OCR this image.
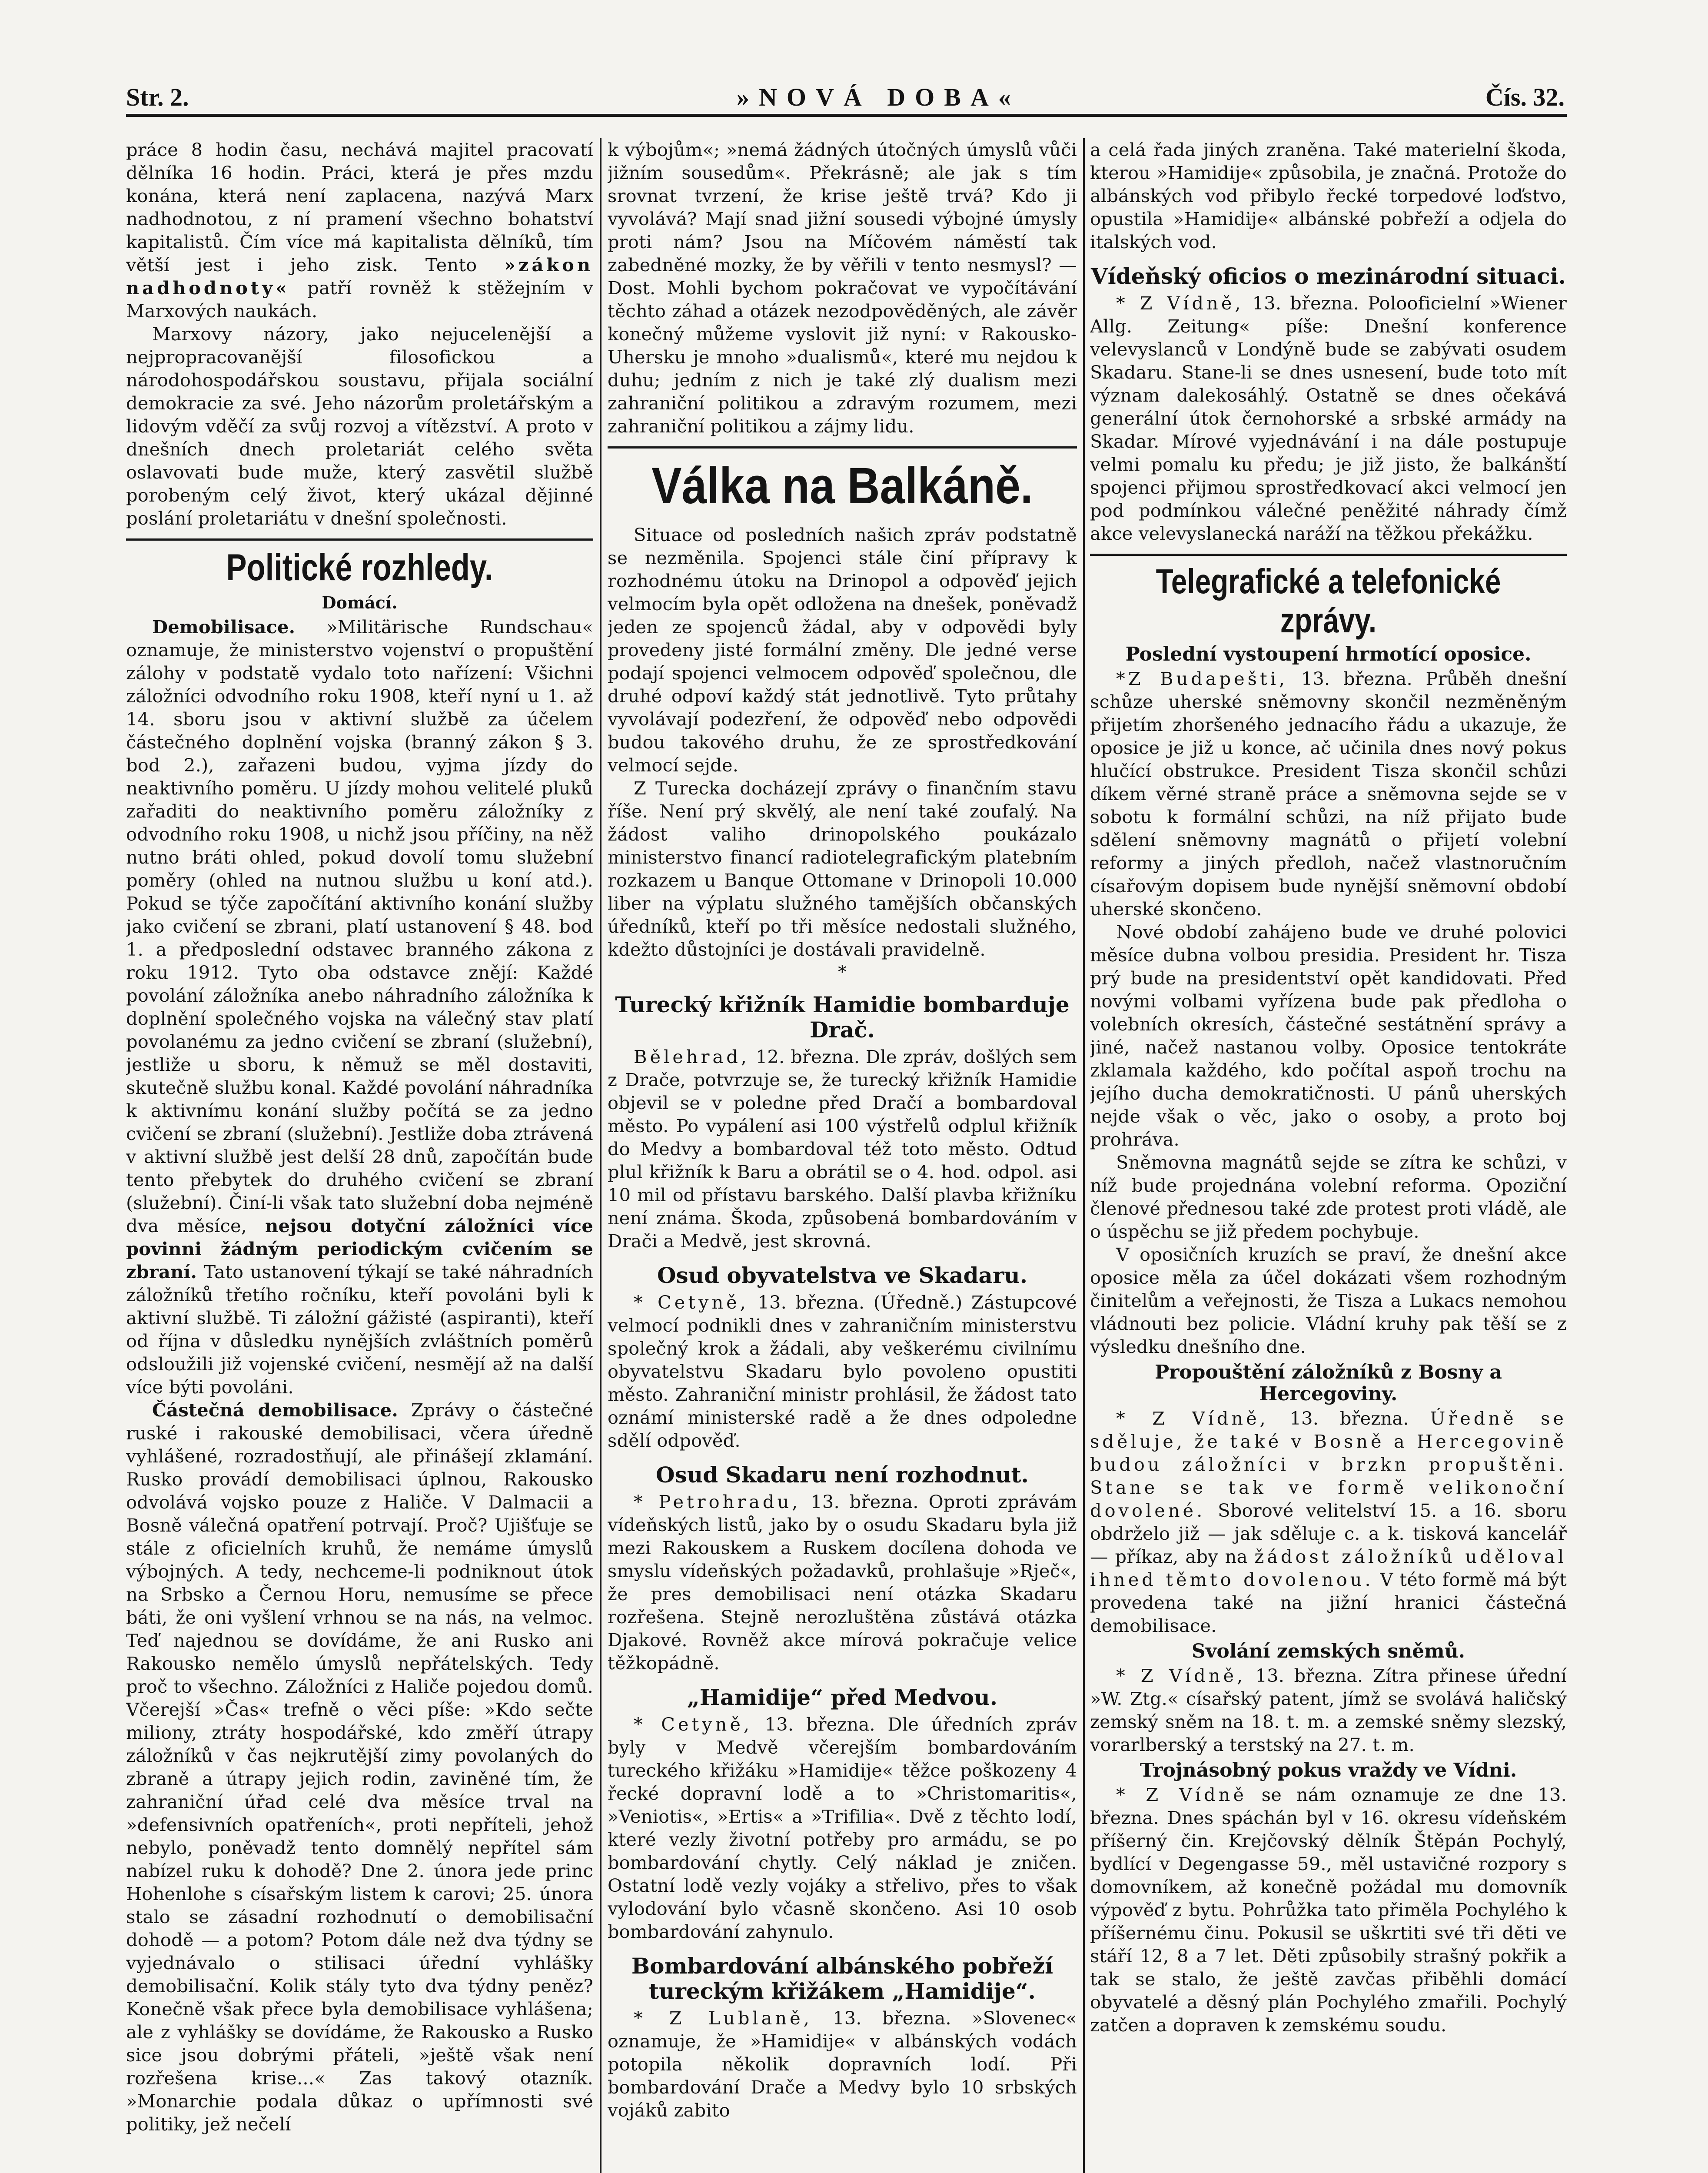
Str. 2.	»NOVÁ DOBA«	Čís. 32.

práce 8 hodin času, nechává majitel pracovatí dělníka 16 hodin. Práci, která je přes mzdu konána, která není zaplacena, nazývá Marx nadhodnotou, z ní pramení všechno bohatství kapitalistů. Čím více má kapitalista dělníků, tím větší jest i jeho zisk. Tento »zákon nadhodnoty« patří rovněž k stěžejním v Marxových naukách.

Marxovy názory, jako nejucelenější a nejpropracovanější filosofickou a národohospodářskou soustavu, přijala sociální demokracie za své. Jeho názorům proletářským a lidovým vděčí za svůj rozvoj a vítězství. A proto v dnešních dnech proletariát celého světa oslavovati bude muže, který zasvětil službě porobeným celý život, který ukázal dějinné poslání proletariátu v dnešní společnosti.

Politické rozhledy.
Domácí.

Demobilisace. »Militärische Rundschau« oznamuje, že ministerstvo vojenství o propuštění zálohy v podstatě vydalo toto nařízení: Všichni záložníci odvodního roku 1908, kteří nyní u 1. až 14. sboru jsou v aktivní službě za účelem částečného doplnění vojska (branný zákon § 3. bod 2.), zařazeni budou, vyjma jízdy do neaktivního poměru. U jízdy mohou velitelé pluků zařaditi do neaktivního poměru záložníky z odvodního roku 1908, u nichž jsou příčiny, na něž nutno bráti ohled, pokud dovolí tomu služební poměry (ohled na nutnou službu u koní atd.). Pokud se týče započítání aktivního konání služby jako cvičení se zbrani, platí ustanovení § 48. bod 1. a předposlední odstavec branného zákona z roku 1912. Tyto oba odstavce znějí: Každé povolání záložníka anebo náhradního záložníka k doplnění společného vojska na válečný stav platí povolanému za jedno cvičení se zbraní (služební), jestliže u sboru, k němuž se měl dostaviti, skutečně službu konal. Každé povolání náhradníka k aktivnímu konání služby počítá se za jedno cvičení se zbraní (služební). Jestliže doba ztrávená v aktivní službě jest delší 28 dnů, započítán bude tento přebytek do druhého cvičení se zbraní (služební). Činí-li však tato služební doba nejméně dva měsíce, nejsou dotyční záložníci více povinni žádným periodickým cvičením se zbraní. Tato ustanovení týkají se také náhradních záložníků třetího ročníku, kteří povoláni byli k aktivní službě. Ti záložní gážisté (aspiranti), kteří od října v důsledku nynějších zvláštních poměrů odsloužili již vojenské cvičení, nesmějí až na další více býti povoláni.

Částečná demobilisace. Zprávy o částečné ruské i rakouské demobilisaci, včera úředně vyhlášené, rozradostňují, ale přinášejí zklamání. Rusko provádí demobilisaci úplnou, Rakousko odvolává vojsko pouze z Haliče. V Dalmacii a Bosně válečná opatření potrvají. Proč? Ujišťuje se stále z oficielních kruhů, že nemáme úmyslů výbojných. A tedy, nechceme-li podniknout útok na Srbsko a Černou Horu, nemusíme se přece báti, že oni vyšlení vrhnou se na nás, na velmoc. Teď najednou se dovídáme, že ani Rusko ani Rakousko nemělo úmyslů nepřátelských. Tedy proč to všechno. Záložníci z Haliče pojedou domů. Včerejší »Čas« trefně o věci píše: »Kdo sečte miliony, ztráty hospodářské, kdo změří útrapy záložníků v čas nejkrutější zimy povolaných do zbraně a útrapy jejich rodin, zaviněné tím, že zahraniční úřad celé dva měsíce trval na »defensivních opatřeních«, proti nepříteli, jehož nebylo, poněvadž tento domnělý nepřítel sám nabízel ruku k dohodě? Dne 2. února jede princ Hohenlohe s císařským listem k carovi; 25. února stalo se zásadní rozhodnutí o demobilisační dohodě — a potom? Potom dále než dva týdny se vyjednávalo o stilisaci úřední vyhlášky demobilisační. Kolik stály tyto dva týdny peněz? Konečně však přece byla demobilisace vyhlášena; ale z vyhlášky se dovídáme, že Rakousko a Rusko sice jsou dobrými přáteli, »ještě však není rozřešena krise...« Zas takový otazník. »Monarchie podala důkaz o upřímnosti své politiky, jež nečelí

k výbojům«; »nemá žádných útočných úmyslů vůči jižním sousedům«. Překrásně; ale jak s tím srovnat tvrzení, že krise ještě trvá? Kdo ji vyvolává? Mají snad jižní sousedi výbojné úmysly proti nám? Jsou na Míčovém náměstí tak zabedněné mozky, že by věřili v tento nesmysl? — Dost. Mohli bychom pokračovat ve vypočítávání těchto záhad a otázek nezodpověděných, ale závěr konečný můžeme vyslovit již nyní: v Rakousko-Uhersku je mnoho »dualismů«, které mu nejdou k duhu; jedním z nich je také zlý dualism mezi zahraniční politikou a zdravým rozumem, mezi zahraniční politikou a zájmy lidu.

Válka na Balkáně.

Situace od posledních našich zpráv podstatně se nezměnila. Spojenci stále činí přípravy k rozhodnému útoku na Drinopol a odpověď jejich velmocím byla opět odložena na dnešek, poněvadž jeden ze spojenců žádal, aby v odpovědi byly provedeny jisté formální změny. Dle jedné verse podají spojenci velmocem odpověď společnou, dle druhé odpoví každý stát jednotlivě. Tyto průtahy vyvolávají podezření, že odpověď nebo odpovědi budou takového druhu, že ze sprostředkování velmocí sejde.

Z Turecka docházejí zprávy o finančním stavu říše. Není prý skvělý, ale není také zoufalý. Na žádost valiho drinopolského poukázalo ministerstvo financí radiotelegrafickým platebním rozkazem u Banque Ottomane v Drinopoli 10.000 liber na výplatu služného tamějších občanských úředníků, kteří po tři měsíce nedostali služného, kdežto důstojníci je dostávali pravidelně.

*
Turecký křižník Hamidie bombarduje Drač.

Bělehrad, 12. března. Dle zpráv, došlých sem z Drače, potvrzuje se, že turecký křižník Hamidie objevil se v poledne před Dračí a bombardoval město. Po vypálení asi 100 výstřelů odplul křižník do Medvy a bombardoval též toto město. Odtud plul křižník k Baru a obrátil se o 4. hod. odpol. asi 10 mil od přístavu barského. Další plavba křižníku není známa. Škoda, způsobená bombardováním v Drači a Medvě, jest skrovná.

Osud obyvatelstva ve Skadaru.

* Cetyně, 13. března. (Úředně.) Zástupcové velmocí podnikli dnes v zahraničním ministerstvu společný krok a žádali, aby veškerému civilnímu obyvatelstvu Skadaru bylo povoleno opustiti město. Zahraniční ministr prohlásil, že žádost tato oznámí ministerské radě a že dnes odpoledne sdělí odpověď.

Osud Skadaru není rozhodnut.

* Petrohradu, 13. března. Oproti zprávám vídeňských listů, jako by o osudu Skadaru byla již mezi Rakouskem a Ruskem docílena dohoda ve smyslu vídeňských požadavků, prohlašuje »Rječ«, že pres demobilisaci není otázka Skadaru rozřešena. Stejně nerozluštěna zůstává otázka Djakové. Rovněž akce mírová pokračuje velice těžkopádně.

„Hamidije“ před Medvou.

* Cetyně, 13. března. Dle úředních zpráv byly v Medvě včerejším bombardováním tureckého křižáku »Hamidije« těžce poškozeny 4 řecké dopravní lodě a to »Christomaritis«, »Veniotis«, »Ertis« a »Trifilia«. Dvě z těchto lodí, které vezly životní potřeby pro armádu, se po bombardování chytly. Celý náklad je zničen. Ostatní lodě vezly vojáky a střelivo, přes to však vylodování bylo včasně skončeno. Asi 10 osob bombardování zahynulo.

Bombardování albánského pobřeží tureckým křižákem „Hamidije“.

* Z Lublaně, 13. března. »Slovenec« oznamuje, že »Hamidije« v albánských vodách potopila několik dopravních lodí. Při bombardování Drače a Medvy bylo 10 srbských vojáků zabito

a celá řada jiných zraněna. Také materielní škoda, kterou »Hamidije« způsobila, je značná. Protože do albánských vod přibylo řecké torpedové loďstvo, opustila »Hamidije« albánské pobřeží a odjela do italských vod.

Vídeňský oficios o mezinárodní situaci.

* Z Vídně, 13. března. Polooficielní »Wiener Allg. Zeitung« píše: Dnešní konference velevyslanců v Londýně bude se zabývati osudem Skadaru. Stane-li se dnes usnesení, bude toto mít význam dalekosáhlý. Ostatně se dnes očekává generální útok černohorské a srbské armády na Skadar. Mírové vyjednávání i na dále postupuje velmi pomalu ku předu; je již jisto, že balkánští spojenci přijmou sprostředkovací akci velmocí jen pod podmínkou válečné peněžité náhrady čímž akce velevyslanecká naráží na těžkou překážku.

Telegrafické a telefonické zprávy.
Poslední vystoupení hrmotící oposice.

*Z Budapešti, 13. března. Průběh dnešní schůze uherské sněmovny skončil nezměněným přijetím zhoršeného jednacího řádu a ukazuje, že oposice je již u konce, ač učinila dnes nový pokus hlučící obstrukce. President Tisza skončil schůzi díkem věrné straně práce a sněmovna sejde se v sobotu k formální schůzi, na níž přijato bude sdělení sněmovny magnátů o přijetí volební reformy a jiných předloh, načež vlastnoručním císařovým dopisem bude nynější sněmovní období uherské skončeno.

Nové období zahájeno bude ve druhé polovici měsíce dubna volbou presidia. President hr. Tisza prý bude na presidentství opět kandidovati. Před novými volbami vyřízena bude pak předloha o volebních okresích, částečné sestátnění správy a jiné, načež nastanou volby. Oposice tentokráte zklamala každého, kdo počítal aspoň trochu na jejího ducha demokratičnosti. U pánů uherských nejde však o věc, jako o osoby, a proto boj prohráva.

Sněmovna magnátů sejde se zítra ke schůzi, v níž bude projednána volební reforma. Opoziční členové přednesou také zde protest proti vládě, ale o úspěchu se již předem pochybuje.

V oposičních kruzích se praví, že dnešní akce oposice měla za účel dokázati všem rozhodným činitelům a veřejnosti, že Tisza a Lukacs nemohou vládnouti bez policie. Vládní kruhy pak těší se z výsledku dnešního dne.

Propouštění záložníků z Bosny a Hercegoviny.

* Z Vídně, 13. března. Úředně se sděluje, že také v Bosně a Hercegovině budou záložníci v brzkn propuštěni. Stane se tak ve formě velikonoční dovolené. Sborové velitelství 15. a 16. sboru obdrželo již — jak sděluje c. a k. tisková kancelář — příkaz, aby na žádost záložníků uděloval ihned těmto dovolenou. V této formě má být provedena také na jižní hranici částečná demobilisace.

Svolání zemských sněmů.

* Z Vídně, 13. března. Zítra přinese úřední »W. Ztg.« císařský patent, jímž se svolává haličský zemský sněm na 18. t. m. a zemské sněmy slezský, vorarlberský a terstský na 27. t. m.

Trojnásobný pokus vraždy ve Vídni.

* Z Vídně se nám oznamuje ze dne 13. března. Dnes spáchán byl v 16. okresu vídeňském příšerný čin. Krejčovský dělník Štěpán Pochylý, bydlící v Degengasse 59., měl ustavičné rozpory s domovníkem, až konečně požádal mu domovník výpověď z bytu. Pohrůžka tato přiměla Pochylého k příšernému činu. Pokusil se uškrtiti své tři děti ve stáří 12, 8 a 7 let. Děti způsobily strašný pokřik a tak se stalo, že ještě zavčas přiběhli domácí obyvatelé a děsný plán Pochylého zmařili. Pochylý zatčen a dopraven k zemskému soudu.
